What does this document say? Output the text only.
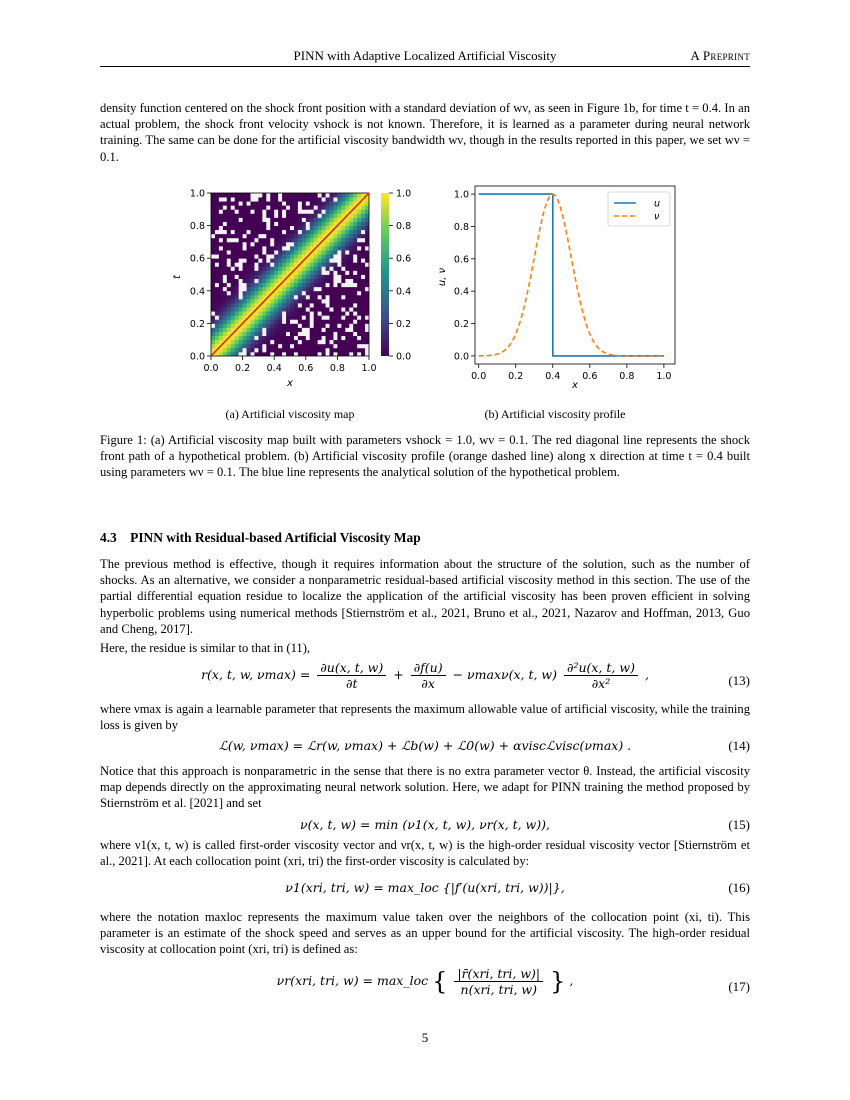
PINN with Adaptive Localized Artificial Viscosity	A Preprint
density function centered on the shock front position with a standard deviation of wν, as seen in Figure 1b, for time t = 0.4. In an actual problem, the shock front velocity vshock is not known. Therefore, it is learned as a parameter during neural network training. The same can be done for the artificial viscosity bandwidth wν, though in the results reported in this paper, we set wν = 0.1.
0.0 0.2 0.4 0.6 0.8 1.0
0.0
0.2
0.4
0.6
0.8
1.0
x
t
0.0
0.2
0.4
0.6
0.8
1.0
0.0 0.2 0.4 0.6 0.8 1.0
0.0
0.2
0.4
0.6
0.8
1.0
u
ν
x
u, ν
(a) Artificial viscosity map	(b) Artificial viscosity profile
Figure 1: (a) Artificial viscosity map built with parameters vshock = 1.0, wν = 0.1. The red diagonal line represents the shock front path of a hypothetical problem. (b) Artificial viscosity profile (orange dashed line) along x direction at time t = 0.4 built using parameters wν = 0.1. The blue line represents the analytical solution of the hypothetical problem.
4.3 PINN with Residual-based Artificial Viscosity Map
The previous method is effective, though it requires information about the structure of the solution, such as the number of shocks. As an alternative, we consider a nonparametric residual-based artificial viscosity method in this section. The use of the partial differential equation residue to localize the application of the artificial viscosity has been proven efficient in solving hyperbolic problems using numerical methods [Stiernström et al., 2021, Bruno et al., 2021, Nazarov and Hoffman, 2013, Guo and Cheng, 2017].
Here, the residue is similar to that in (11),
r(x, t, w, $\nu\max) = \frac{\partial u(x, t, w)}{\partial t} + \frac{\partial f(u)}{\partial x} - \nu\max\nu(x$, t, $w) \frac{\text{∂²u(x, t, w)}}{\text{∂x²}}$ ,	(13)
where νmax is again a learnable parameter that represents the maximum allowable value of artificial viscosity, while the training loss is given by
ℒ(w, νmax) = ℒr(w, νmax) + ℒb(w) + ℒ0(w) + αviscℒvisc(νmax) .	(14)
Notice that this approach is nonparametric in the sense that there is no extra parameter vector θ. Instead, the artificial viscosity map depends directly on the approximating neural network solution. Here, we adapt for PINN training the method proposed by Stiernström et al. [2021] and set
ν(x, t, w) = min (ν1(x, t, w), νr(x, t, w)),	(15)
where ν1(x, t, w) is called first-order viscosity vector and νr(x, t, w) is the high-order residual viscosity vector [Stiernström et al., 2021]. At each collocation point (xri, tri) the first-order viscosity is calculated by:
ν1(xri, tri, w) = max_loc {|f′(u(xri, tri, w))|},	(16)
where the notation maxloc represents the maximum value taken over the neighbors of the collocation point (xi, ti). This parameter is an estimate of the shock speed and serves as an upper bound for the artificial viscosity. The high-order residual viscosity at collocation point (xri, tri) is defined as:
νr(xri, tri, w) = max_loc { $\frac{\text{|r̄(xri, tri, w)|}}{\text{n(xri, tri, w)}}$ } ,	(17)
5
